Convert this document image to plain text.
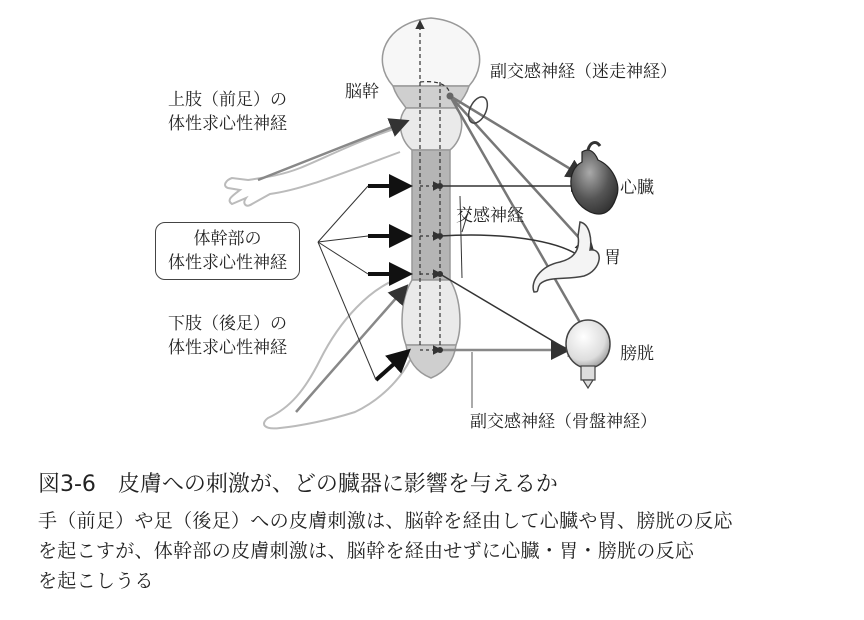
脳幹
副交感神経（迷走神経）
上肢（前足）の
体性求心性神経
心臓
交感神経
体幹部の
体性求心性神経	胃
下肢（後足）の
体性求心性神経	膀胱
副交感神経（骨盤神経）
図3-6　皮膚への刺激が、どの臓器に影響を与えるか
手（前足）や足（後足）への皮膚刺激は、脳幹を経由して心臓や胃、膀胱の反応
を起こすが、体幹部の皮膚刺激は、脳幹を経由せずに心臓・胃・膀胱の反応
を起こしうる
